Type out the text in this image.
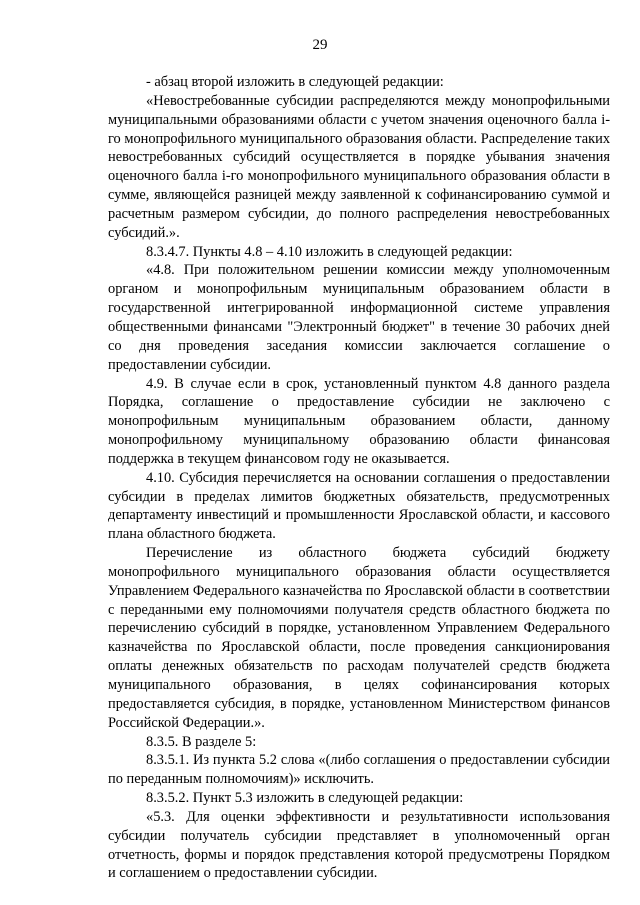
29

- абзац второй изложить в следующей редакции:

«Невостребованные субсидии распределяются между монопрофильными муниципальными образованиями области с учетом значения оценочного балла i-го монопрофильного муниципального образования области. Распределение таких невостребованных субсидий осуществляется в порядке убывания значения оценочного балла i-го монопрофильного муниципального образования области в сумме, являющейся разницей между заявленной к софинансированию суммой и расчетным размером субсидии, до полного распределения невостребованных субсидий.».

8.3.4.7. Пункты 4.8 – 4.10 изложить в следующей редакции:

«4.8. При положительном решении комиссии между уполномоченным органом и монопрофильным муниципальным образованием области в государственной интегрированной информационной системе управления общественными финансами "Электронный бюджет" в течение 30 рабочих дней со дня проведения заседания комиссии заключается соглашение о предоставлении субсидии.

4.9. В случае если в срок, установленный пунктом 4.8 данного раздела Порядка, соглашение о предоставление субсидии не заключено с монопрофильным муниципальным образованием области, данному монопрофильному муниципальному образованию области финансовая поддержка в текущем финансовом году не оказывается.

4.10. Субсидия перечисляется на основании соглашения о предоставлении субсидии в пределах лимитов бюджетных обязательств, предусмотренных департаменту инвестиций и промышленности Ярославской области, и кассового плана областного бюджета.

Перечисление из областного бюджета субсидий бюджету монопрофильного муниципального образования области осуществляется Управлением Федерального казначейства по Ярославской области в соответствии с переданными ему полномочиями получателя средств областного бюджета по перечислению субсидий в порядке, установленном Управлением Федерального казначейства по Ярославской области, после проведения санкционирования оплаты денежных обязательств по расходам получателей средств бюджета муниципального образования, в целях софинансирования которых предоставляется субсидия, в порядке, установленном Министерством финансов Российской Федерации.».

8.3.5. В разделе 5:

8.3.5.1. Из пункта 5.2 слова «(либо соглашения о предоставлении субсидии по переданным полномочиям)» исключить.

8.3.5.2. Пункт 5.3 изложить в следующей редакции:

«5.3. Для оценки эффективности и результативности использования субсидии получатель субсидии представляет в уполномоченный орган отчетность, формы и порядок представления которой предусмотрены Порядком и соглашением о предоставлении субсидии.
